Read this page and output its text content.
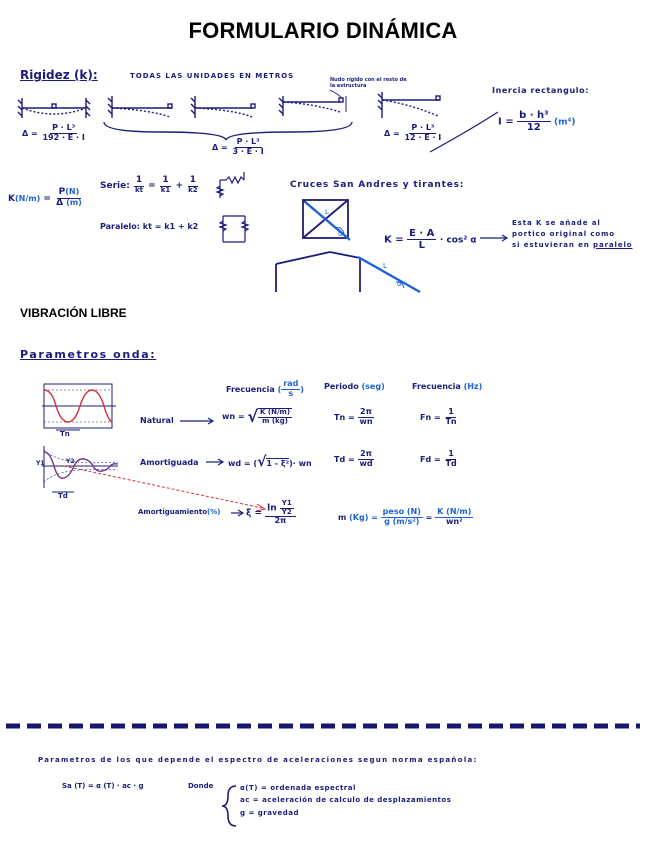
FORMULARIO DINÁMICA
Rigidez (k):	TODAS LAS UNIDADES EN METROS	Nudo rígido con el resto de la estructura
Inercia rectangulo:
$I = \frac{\text{b · h³}}{12} (m^4)$
$\Delta = \frac{\text{P · L³}}{192 \cdot E \cdot I}$
$\Delta = \frac{\text{P · L³}}{3 \cdot E \cdot I}$
$\Delta = \frac{\text{P · L³}}{12 \cdot E \cdot I}$
$K(N/m) = \frac{P(N)}{\Delta (m)}$
Serie: $\frac{1}{kt} = \frac{1}{k1} + \frac{1}{k2}$
Paralelo: kt = k1 + k2
Cruces San Andres y tirantes:
L
α
L
α
$K = \frac{E \cdot A}{L} \cdot \cos^2$ α
Esta K se añade al
portico original como
si estuvieran en paralelo
VIBRACIÓN LIBRE
Parametros onda:
Frecuencia ( $\frac{\text{rad}}{s}$ )	Periodo (seg)	Frecuencia (Hz)
Tn
Td
Y1	Y2
Natural	wn = √ $\frac{K (N/m)}{m (kg)}$	$Tn = \frac{2\pi}{wn}$	$Fn = \frac{1}{Tn}$
Amortiguada	wd = (√1 - ξ²)· wn	$Td = \frac{2\pi}{wd}$	$Fd = \frac{1}{Td}$
Amortiguamiento(%)	$\xi = \frac{\ln \frac{Y1}{Y2}}{2\pi}$	m $(Kg) = \frac{\text{peso (N)}}{\text{g (m/s²)}} = \frac{K (N/m)}{\text{wn²}}$
Parametros de los que depende el espectro de aceleraciones segun norma española:
Sa (T) = α (T) · ac · g	Donde	α(T) = ordenada espectral
ac = aceleración de calculo de desplazamientos
g = gravedad
